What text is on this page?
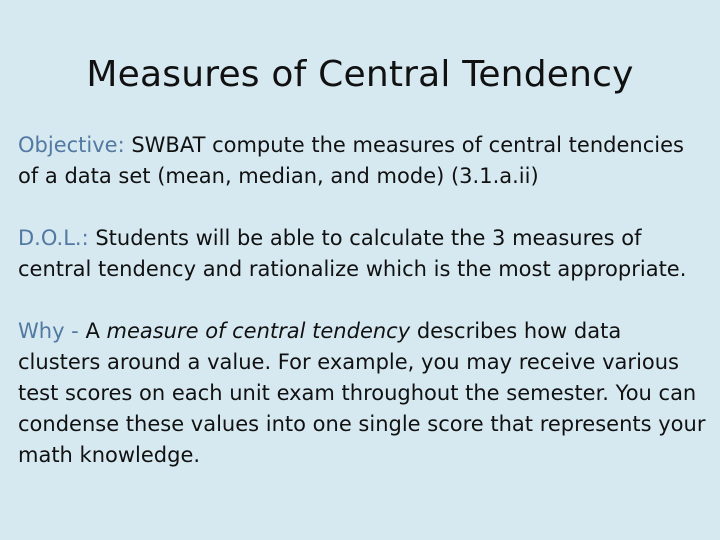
Measures of Central Tendency

Objective: SWBAT compute the measures of central tendencies of a data set (mean, median, and mode) (3.1.a.ii)

D.O.L.: Students will be able to calculate the 3 measures of central tendency and rationalize which is the most appropriate.

Why - A measure of central tendency describes how data clusters around a value. For example, you may receive various test scores on each unit exam throughout the semester. You can condense these values into one single score that represents your math knowledge.
